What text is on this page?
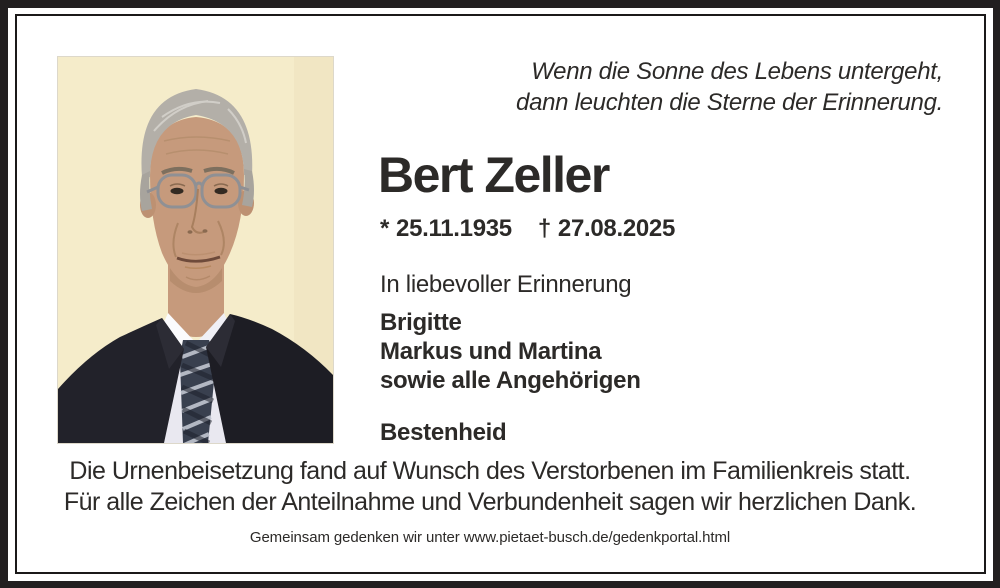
Wenn die Sonne des Lebens untergeht,
dann leuchten die Sterne der Erinnerung.
Bert Zeller
* 25.11.1935 † 27.08.2025
In liebevoller Erinnerung
Brigitte
Markus und Martina
sowie alle Angehörigen
Bestenheid
Die Urnenbeisetzung fand auf Wunsch des Verstorbenen im Familienkreis statt.
Für alle Zeichen der Anteilnahme und Verbundenheit sagen wir herzlichen Dank.
Gemeinsam gedenken wir unter www.pietaet-busch.de/gedenkportal.html
